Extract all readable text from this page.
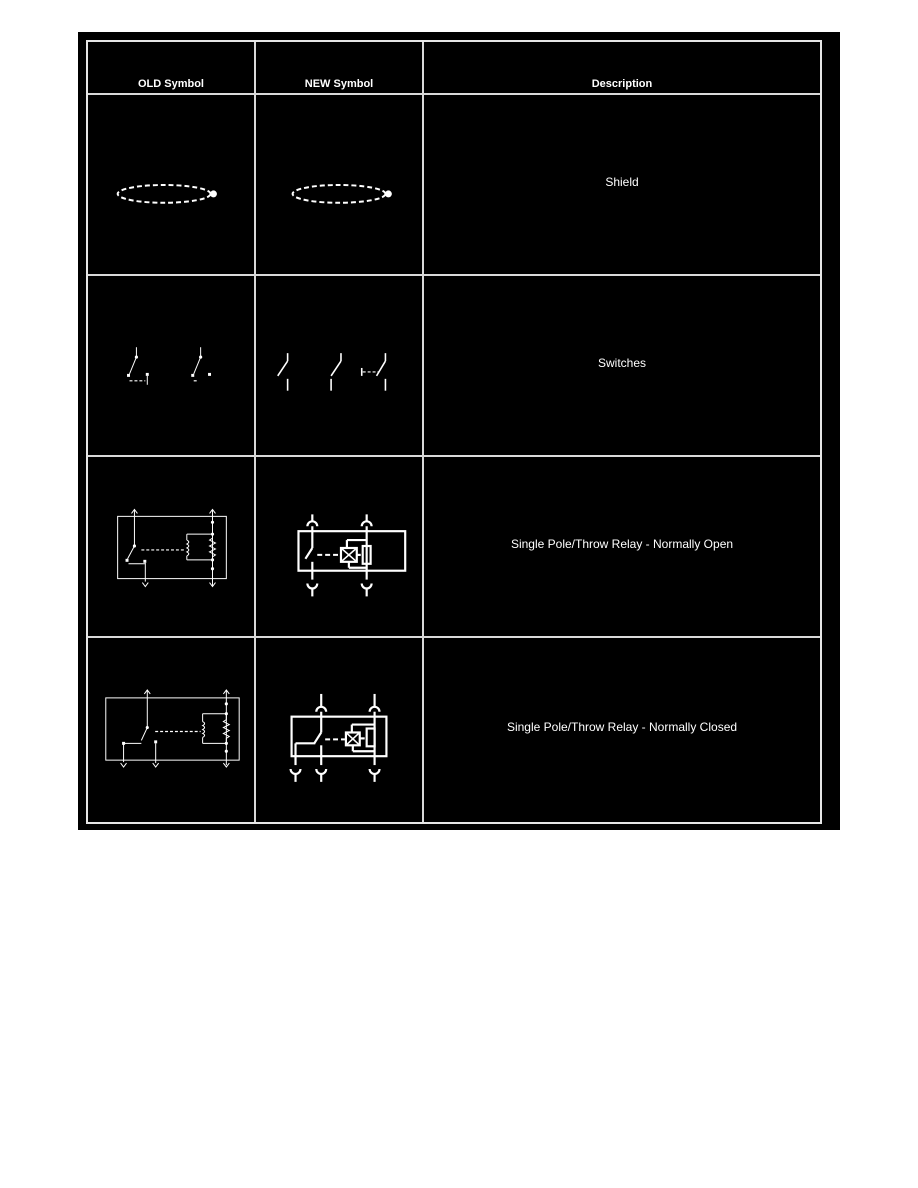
OLD Symbol	NEW Symbol	Description
Shield
Switches
Single Pole/Throw Relay - Normally Open
Single Pole/Throw Relay - Normally Closed
